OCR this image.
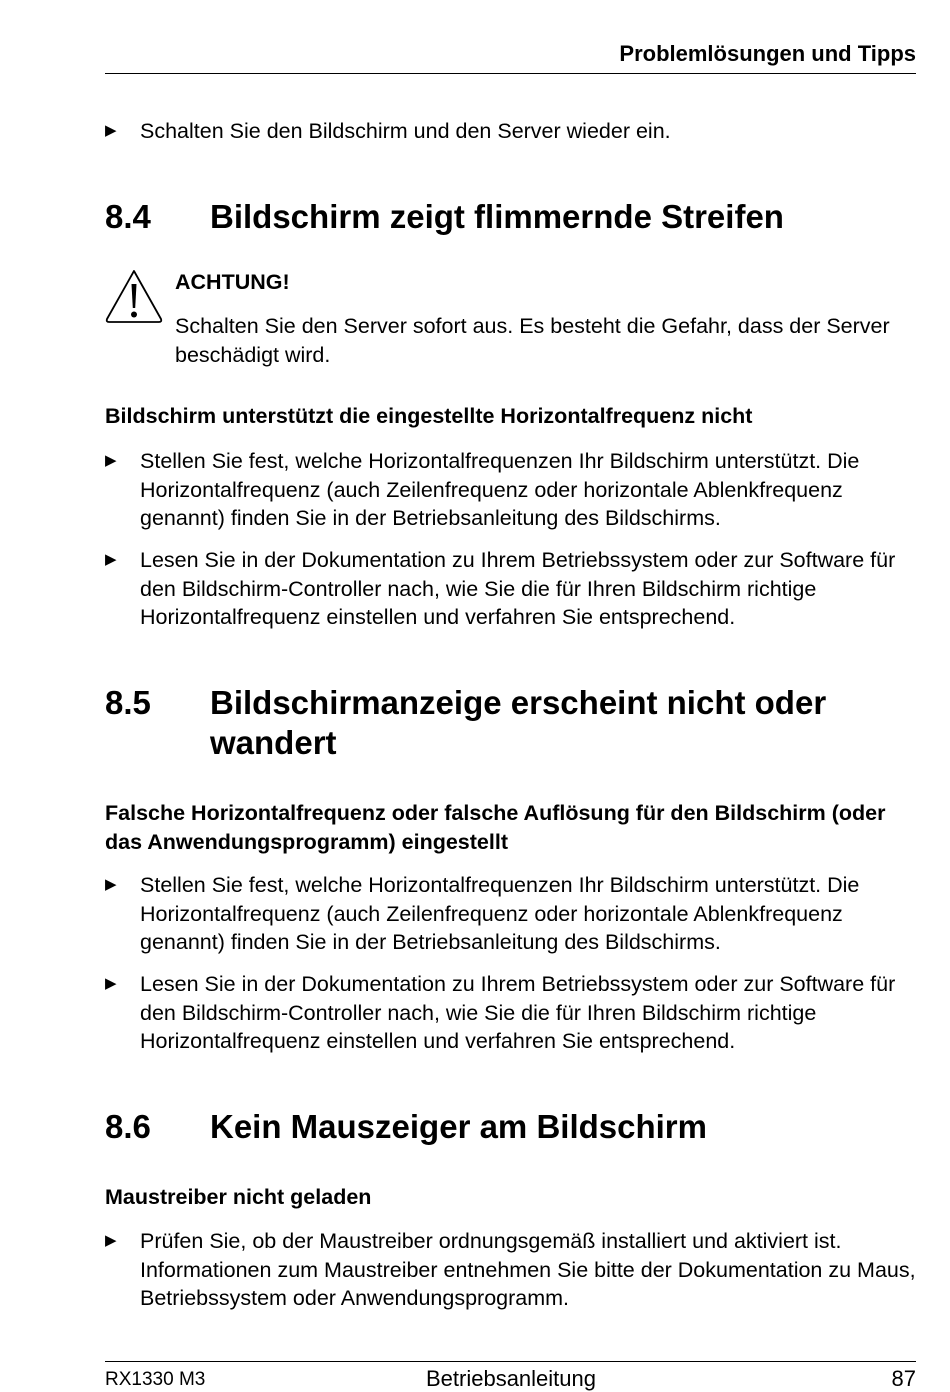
Problemlösungen und Tipps
▶ Schalten Sie den Bildschirm und den Server wieder ein.
8.4 Bildschirm zeigt flimmernde Streifen
ACHTUNG!
Schalten Sie den Server sofort aus. Es besteht die Gefahr, dass der Server beschädigt wird.
Bildschirm unterstützt die eingestellte Horizontalfrequenz nicht
▶ Stellen Sie fest, welche Horizontalfrequenzen Ihr Bildschirm unterstützt. Die Horizontalfrequenz (auch Zeilenfrequenz oder horizontale Ablenkfrequenz genannt) finden Sie in der Betriebsanleitung des Bildschirms.
▶ Lesen Sie in der Dokumentation zu Ihrem Betriebssystem oder zur Software für den Bildschirm-Controller nach, wie Sie die für Ihren Bildschirm richtige Horizontalfrequenz einstellen und verfahren Sie entsprechend.
8.5 Bildschirmanzeige erscheint nicht oder wandert
Falsche Horizontalfrequenz oder falsche Auflösung für den Bildschirm (oder das Anwendungsprogramm) eingestellt
▶ Stellen Sie fest, welche Horizontalfrequenzen Ihr Bildschirm unterstützt. Die Horizontalfrequenz (auch Zeilenfrequenz oder horizontale Ablenkfrequenz genannt) finden Sie in der Betriebsanleitung des Bildschirms.
▶ Lesen Sie in der Dokumentation zu Ihrem Betriebssystem oder zur Software für den Bildschirm-Controller nach, wie Sie die für Ihren Bildschirm richtige Horizontalfrequenz einstellen und verfahren Sie entsprechend.
8.6 Kein Mauszeiger am Bildschirm
Maustreiber nicht geladen
▶ Prüfen Sie, ob der Maustreiber ordnungsgemäß installiert und aktiviert ist. Informationen zum Maustreiber entnehmen Sie bitte der Dokumentation zu Maus, Betriebssystem oder Anwendungsprogramm.
RX1330 M3	Betriebsanleitung	87
